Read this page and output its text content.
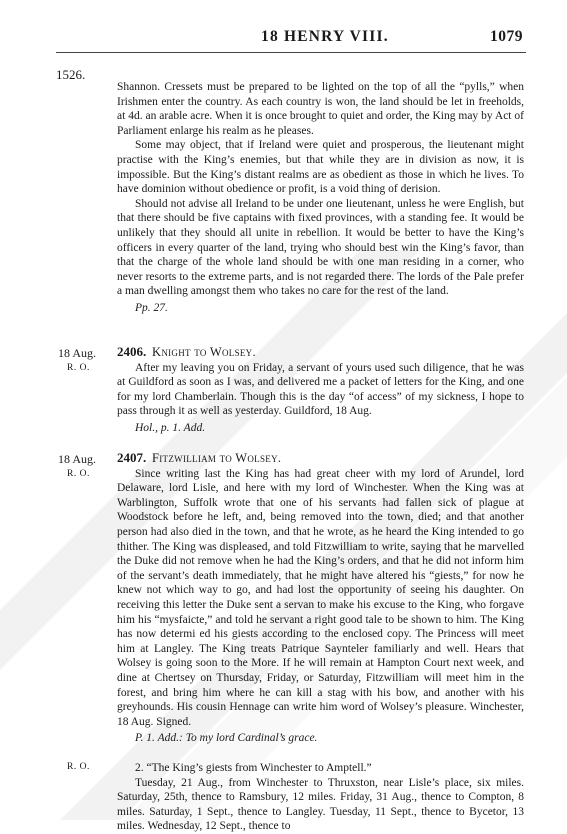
18 HENRY VIII.	1079
1526.
18 Aug.
R. O.
18 Aug.
R. O.
R. O.

Shannon. Cressets must be prepared to be lighted on the top of all the “pylls,” when Irishmen enter the country. As each country is won, the land should be let in freeholds, at 4d. an arable acre. When it is once brought to quiet and order, the King may by Act of Parliament enlarge his realm as he pleases.

Some may object, that if Ireland were quiet and prosperous, the lieutenant might practise with the King’s enemies, but that while they are in division as now, it is impossible. But the King’s distant realms are as obedient as those in which he lives. To have dominion without obedience or profit, is a void thing of derision.

Should not advise all Ireland to be under one lieutenant, unless he were English, but that there should be five captains with fixed provinces, with a standing fee. It would be unlikely that they should all unite in rebellion. It would be better to have the King’s officers in every quarter of the land, trying who should best win the King’s favor, than that the charge of the whole land should be with one man residing in a corner, who never resorts to the extreme parts, and is not regarded there. The lords of the Pale prefer a man dwelling amongst them who takes no care for the rest of the land.

Pp. 27.

2406. Knight to Wolsey.

After my leaving you on Friday, a servant of yours used such diligence, that he was at Guildford as soon as I was, and delivered me a packet of letters for the King, and one for my lord Chamberlain. Though this is the day “of access” of my sickness, I hope to pass through it as well as yesterday. Guildford, 18 Aug.

Hol., p. 1. Add.

2407. Fitzwilliam to Wolsey.

Since writing last the King has had great cheer with my lord of Arundel, lord Delaware, lord Lisle, and here with my lord of Winchester. When the King was at Warblington, Suffolk wrote that one of his servants had fallen sick of plague at Woodstock before he left, and, being removed into the town, died; and that another person had also died in the town, and that he wrote, as he heard the King intended to go thither. The King was displeased, and told Fitzwilliam to write, saying that he marvelled the Duke did not remove when he had the King’s orders, and that he did not inform him of the servant’s death immediately, that he might have altered his “giests,” for now he knew not which way to go, and had lost the opportunity of seeing his daughter. On receiving this letter the Duke sent a servan to make his excuse to the King, who forgave him his “mysfaicte,” and told he servant a right good tale to be shown to him. The King has now determi ed his giests according to the enclosed copy. The Princess will meet him at Langley. The King treats Patrique Saynteler familiarly and well. Hears that Wolsey is going soon to the More. If he will remain at Hampton Court next week, and dine at Chertsey on Thursday, Friday, or Saturday, Fitzwilliam will meet him in the forest, and bring him where he can kill a stag with his bow, and another with his greyhounds. His cousin Hennage can write him word of Wolsey’s pleasure. Winchester, 18 Aug. Signed.

P. 1. Add.: To my lord Cardinal’s grace.

2. “The King’s giests from Winchester to Amptell.”

Tuesday, 21 Aug., from Winchester to Thruxston, near Lisle’s place, six miles. Saturday, 25th, thence to Ramsbury, 12 miles. Friday, 31 Aug., thence to Compton, 8 miles. Saturday, 1 Sept., thence to Langley. Tuesday, 11 Sept., thence to Bycetor, 13 miles. Wednesday, 12 Sept., thence to
